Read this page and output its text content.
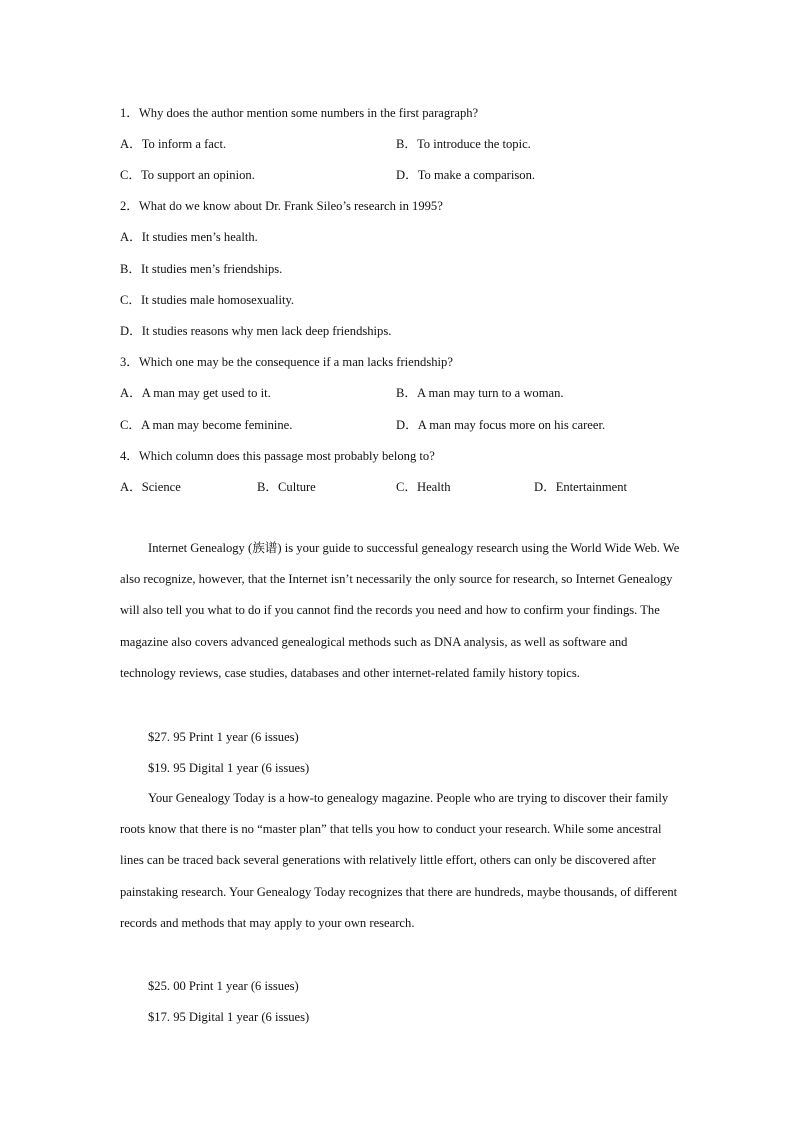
1．Why does the author mention some numbers in the first paragraph?
A．To inform a fact.	B．To introduce the topic.
C．To support an opinion.	D．To make a comparison.
2．What do we know about Dr. Frank Sileo’s research in 1995?
A．It studies men’s health.
B．It studies men’s friendships.
C．It studies male homosexuality.
D．It studies reasons why men lack deep friendships.
3．Which one may be the consequence if a man lacks friendship?
A．A man may get used to it.	B．A man may turn to a woman.
C．A man may become feminine.	D．A man may focus more on his career.
4．Which column does this passage most probably belong to?
A．Science	B．Culture	C．Health	D．Entertainment

Internet Genealogy (族谱) is your guide to successful genealogy research using the World Wide Web. We also recognize, however, that the Internet isn’t necessarily the only source for research, so Internet Genealogy will also tell you what to do if you cannot find the records you need and how to confirm your findings. The magazine also covers advanced genealogical methods such as DNA analysis, as well as software and technology reviews, case studies, databases and other internet-related family history topics.

$27. 95 Print 1 year (6 issues)
$19. 95 Digital 1 year (6 issues)

Your Genealogy Today is a how-to genealogy magazine. People who are trying to discover their family roots know that there is no “master plan” that tells you how to conduct your research. While some ancestral lines can be traced back several generations with relatively little effort, others can only be discovered after painstaking research. Your Genealogy Today recognizes that there are hundreds, maybe thousands, of different records and methods that may apply to your own research.

$25. 00 Print 1 year (6 issues)
$17. 95 Digital 1 year (6 issues)
